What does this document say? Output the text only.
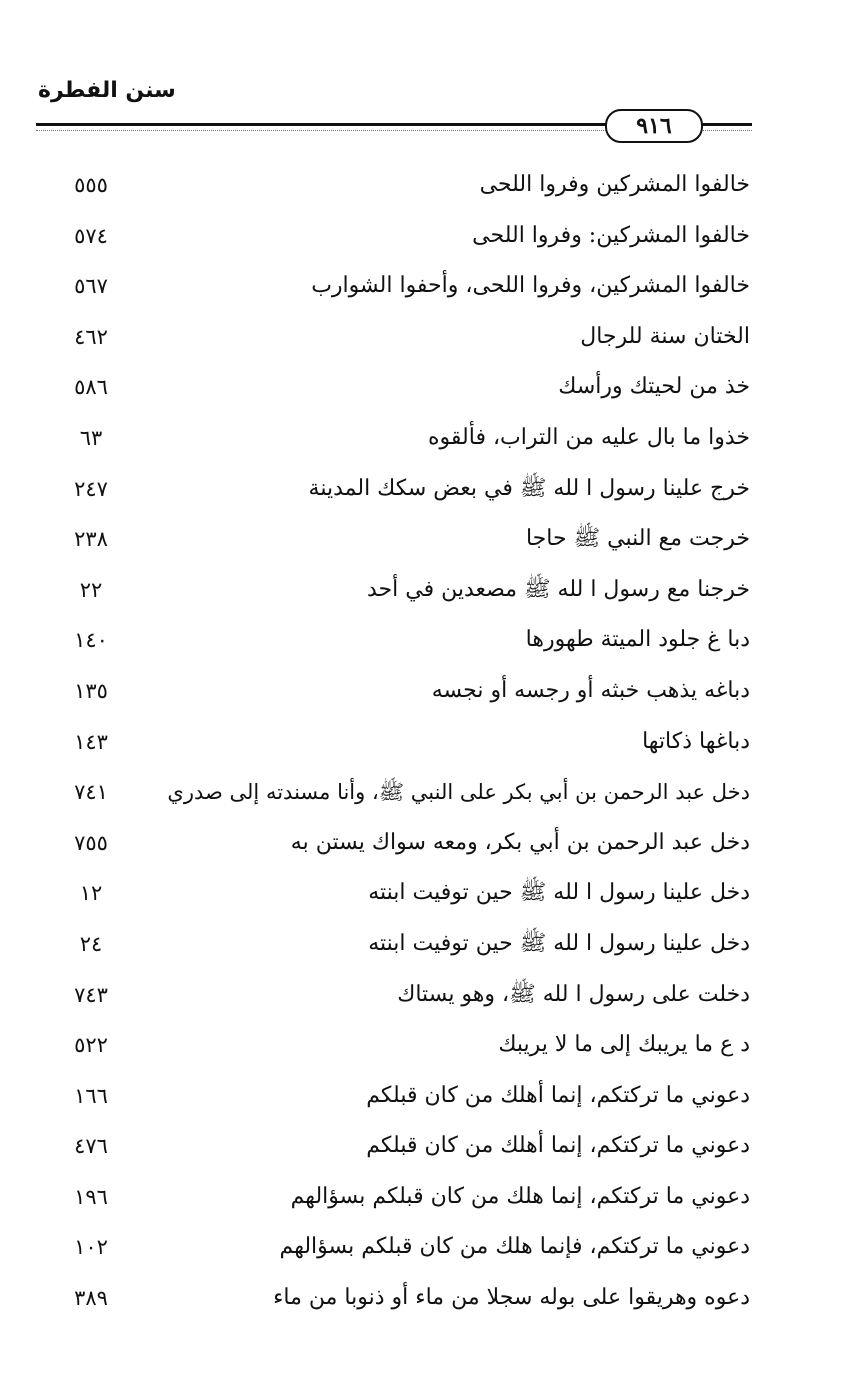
سنن الفطرة
٩١٦
خالفوا المشركين وفروا اللحى
٥٥٥
خالفوا المشركين: وفروا اللحى
٥٧٤
خالفوا المشركين، وفروا اللحى، وأحفوا الشوارب
٥٦٧
الختان سنة للرجال
٤٦٢
خذ من لحيتك ورأسك
٥٨٦
خذوا ما بال عليه من التراب، فألقوه
٦٣
خرج علينا رسول ا لله ﷺ في بعض سكك المدينة
٢٤٧
خرجت مع النبي ﷺ حاجا
٢٣٨
خرجنا مع رسول ا لله ﷺ مصعدين في أحد
٢٢
دبا غ جلود الميتة طهورها
١٤٠
دباغه يذهب خبثه أو رجسه أو نجسه
١٣٥
دباغها ذكاتها
١٤٣
دخل عبد الرحمن بن أبي بكر على النبي ﷺ، وأنا مسندته إلى صدري
٧٤١
دخل عبد الرحمن بن أبي بكر، ومعه سواك يستن به
٧٥٥
دخل علينا رسول ا لله ﷺ حين توفيت ابنته
١٢
دخل علينا رسول ا لله ﷺ حين توفيت ابنته
٢٤
دخلت على رسول ا لله ﷺ، وهو يستاك
٧٤٣
د ع ما يريبك إلى ما لا يريبك
٥٢٢
دعوني ما تركتكم، إنما أهلك من كان قبلكم
١٦٦
دعوني ما تركتكم، إنما أهلك من كان قبلكم
٤٧٦
دعوني ما تركتكم، إنما هلك من كان قبلكم بسؤالهم
١٩٦
دعوني ما تركتكم، فإنما هلك من كان قبلكم بسؤالهم
١٠٢
دعوه وهريقوا على بوله سجلا من ماء أو ذنوبا من ماء
٣٨٩
